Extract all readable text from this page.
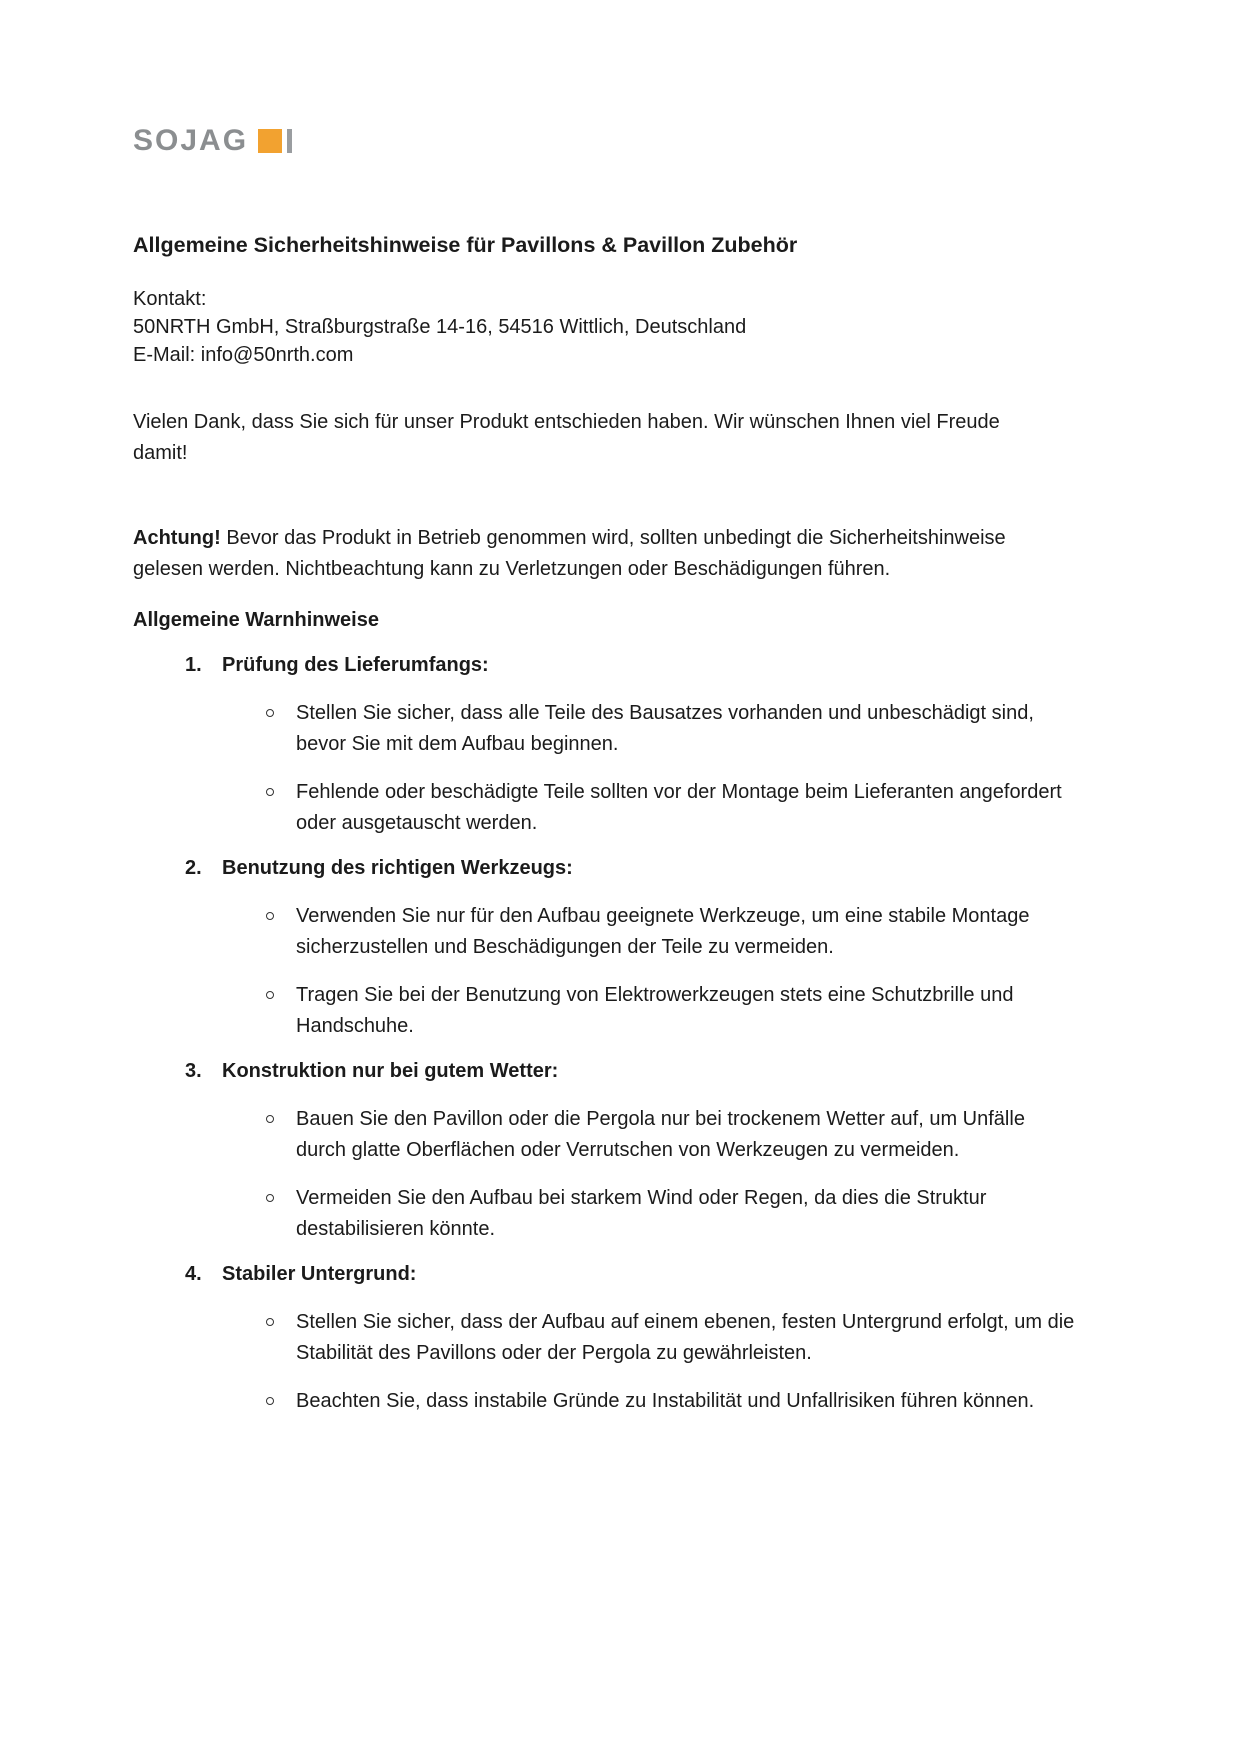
SOJAG
Allgemeine Sicherheitshinweise für Pavillons & Pavillon Zubehör
Kontakt:
50NRTH GmbH, Straßburgstraße 14-16, 54516 Wittlich, Deutschland
E-Mail: info@50nrth.com

Vielen Dank, dass Sie sich für unser Produkt entschieden haben. Wir wünschen Ihnen viel Freude damit!

Achtung! Bevor das Produkt in Betrieb genommen wird, sollten unbedingt die Sicherheitshinweise gelesen werden. Nichtbeachtung kann zu Verletzungen oder Beschädigungen führen.

Allgemeine Warnhinweise
1.	Prüfung des Lieferumfangs:
Stellen Sie sicher, dass alle Teile des Bausatzes vorhanden und unbeschädigt sind, bevor Sie mit dem Aufbau beginnen.
Fehlende oder beschädigte Teile sollten vor der Montage beim Lieferanten angefordert oder ausgetauscht werden.
2.	Benutzung des richtigen Werkzeugs:
Verwenden Sie nur für den Aufbau geeignete Werkzeuge, um eine stabile Montage sicherzustellen und Beschädigungen der Teile zu vermeiden.
Tragen Sie bei der Benutzung von Elektrowerkzeugen stets eine Schutzbrille und Handschuhe.
3.	Konstruktion nur bei gutem Wetter:
Bauen Sie den Pavillon oder die Pergola nur bei trockenem Wetter auf, um Unfälle durch glatte Oberflächen oder Verrutschen von Werkzeugen zu vermeiden.
Vermeiden Sie den Aufbau bei starkem Wind oder Regen, da dies die Struktur destabilisieren könnte.
4.	Stabiler Untergrund:
Stellen Sie sicher, dass der Aufbau auf einem ebenen, festen Untergrund erfolgt, um die Stabilität des Pavillons oder der Pergola zu gewährleisten.
Beachten Sie, dass instabile Gründe zu Instabilität und Unfallrisiken führen können.
